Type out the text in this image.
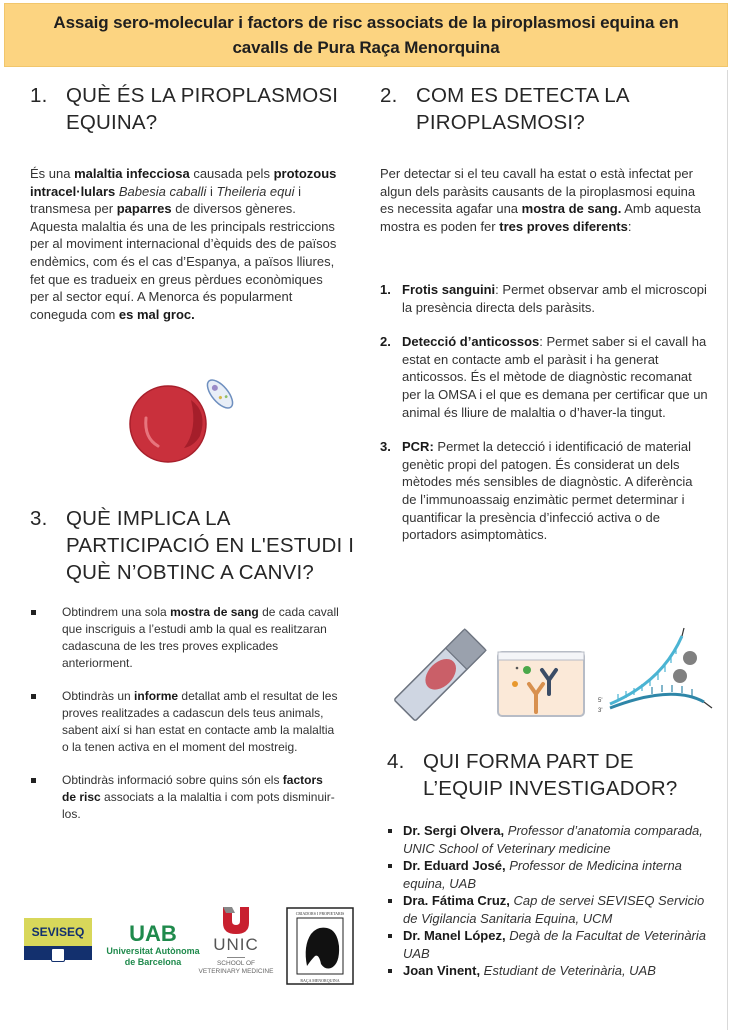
Assaig sero-molecular i factors de risc associats de la piroplasmosi equina en
cavalls de Pura Raça Menorquina
1. QUÈ ÉS LA PIROPLASMOSI EQUINA?
És una malaltia infecciosa causada pels protozous intracel·lulars Babesia caballi i Theileria equi i transmesa per paparres de diversos gèneres. Aquesta malaltia és una de les principals restriccions per al moviment internacional d’èquids des de països endèmics, com és el cas d’Espanya, a països lliures, fet que es tradueix en greus pèrdues econòmiques per al sector equí. A Menorca és popularment coneguda com es mal groc.
2. COM ES DETECTA LA PIROPLASMOSI?
Per detectar si el teu cavall ha estat o està infectat per algun dels paràsits causants de la piroplasmosi equina es necessita agafar una mostra de sang. Amb aquesta mostra es poden fer tres proves diferents:
1. Frotis sanguini: Permet observar amb el microscopi la presència directa dels paràsits.
2. Detecció d’anticossos: Permet saber si el cavall ha estat en contacte amb el paràsit i ha generat anticossos. És el mètode de diagnòstic recomanat per la OMSA i el que es demana per certificar que un animal és lliure de malaltia o d’haver-la tingut.
3. PCR: Permet la detecció i identificació de material genètic propi del patogen. És considerat un dels mètodes més sensibles de diagnòstic. A diferència de l’immunoassaig enzimàtic permet determinar i quantificar la presència d’infecció activa o de portadors asimptomàtics.
5'
3'
3. QUÈ IMPLICA LA PARTICIPACIÓ EN L'ESTUDI I QUÈ N’OBTINC A CANVI?
Obtindrem una sola mostra de sang de cada cavall que inscriguis a l’estudi amb la qual es realitzaran cadascuna de les tres proves explicades anteriorment.
Obtindràs un informe detallat amb el resultat de les proves realitzades a cadascun dels teus animals, sabent així si han estat en contacte amb la malaltia o la tenen activa en el moment del mostreig.
Obtindràs informació sobre quins són els factors de risc associats a la malaltia i com pots disminuir-los.
4. QUI FORMA PART DE L’EQUIP INVESTIGADOR?
Dr. Sergi Olvera, Professor d’anatomia comparada, UNIC School of Veterinary medicine
Dr. Eduard José, Professor de Medicina interna equina, UAB
Dra. Fátima Cruz, Cap de servei SEVISEQ Servicio de Vigilancia Sanitaria Equina, UCM
Dr. Manel López, Degà de la Facultat de Veterinària UAB
Joan Vinent, Estudiant de Veterinària, UAB
SEVISEQ	UAB
Universitat Autònoma
de Barcelona
UNIC
SCHOOL OF
VETERINARY MEDICINE
CRIADORS I PROPIETARIS
RAÇA MENORQUINA
